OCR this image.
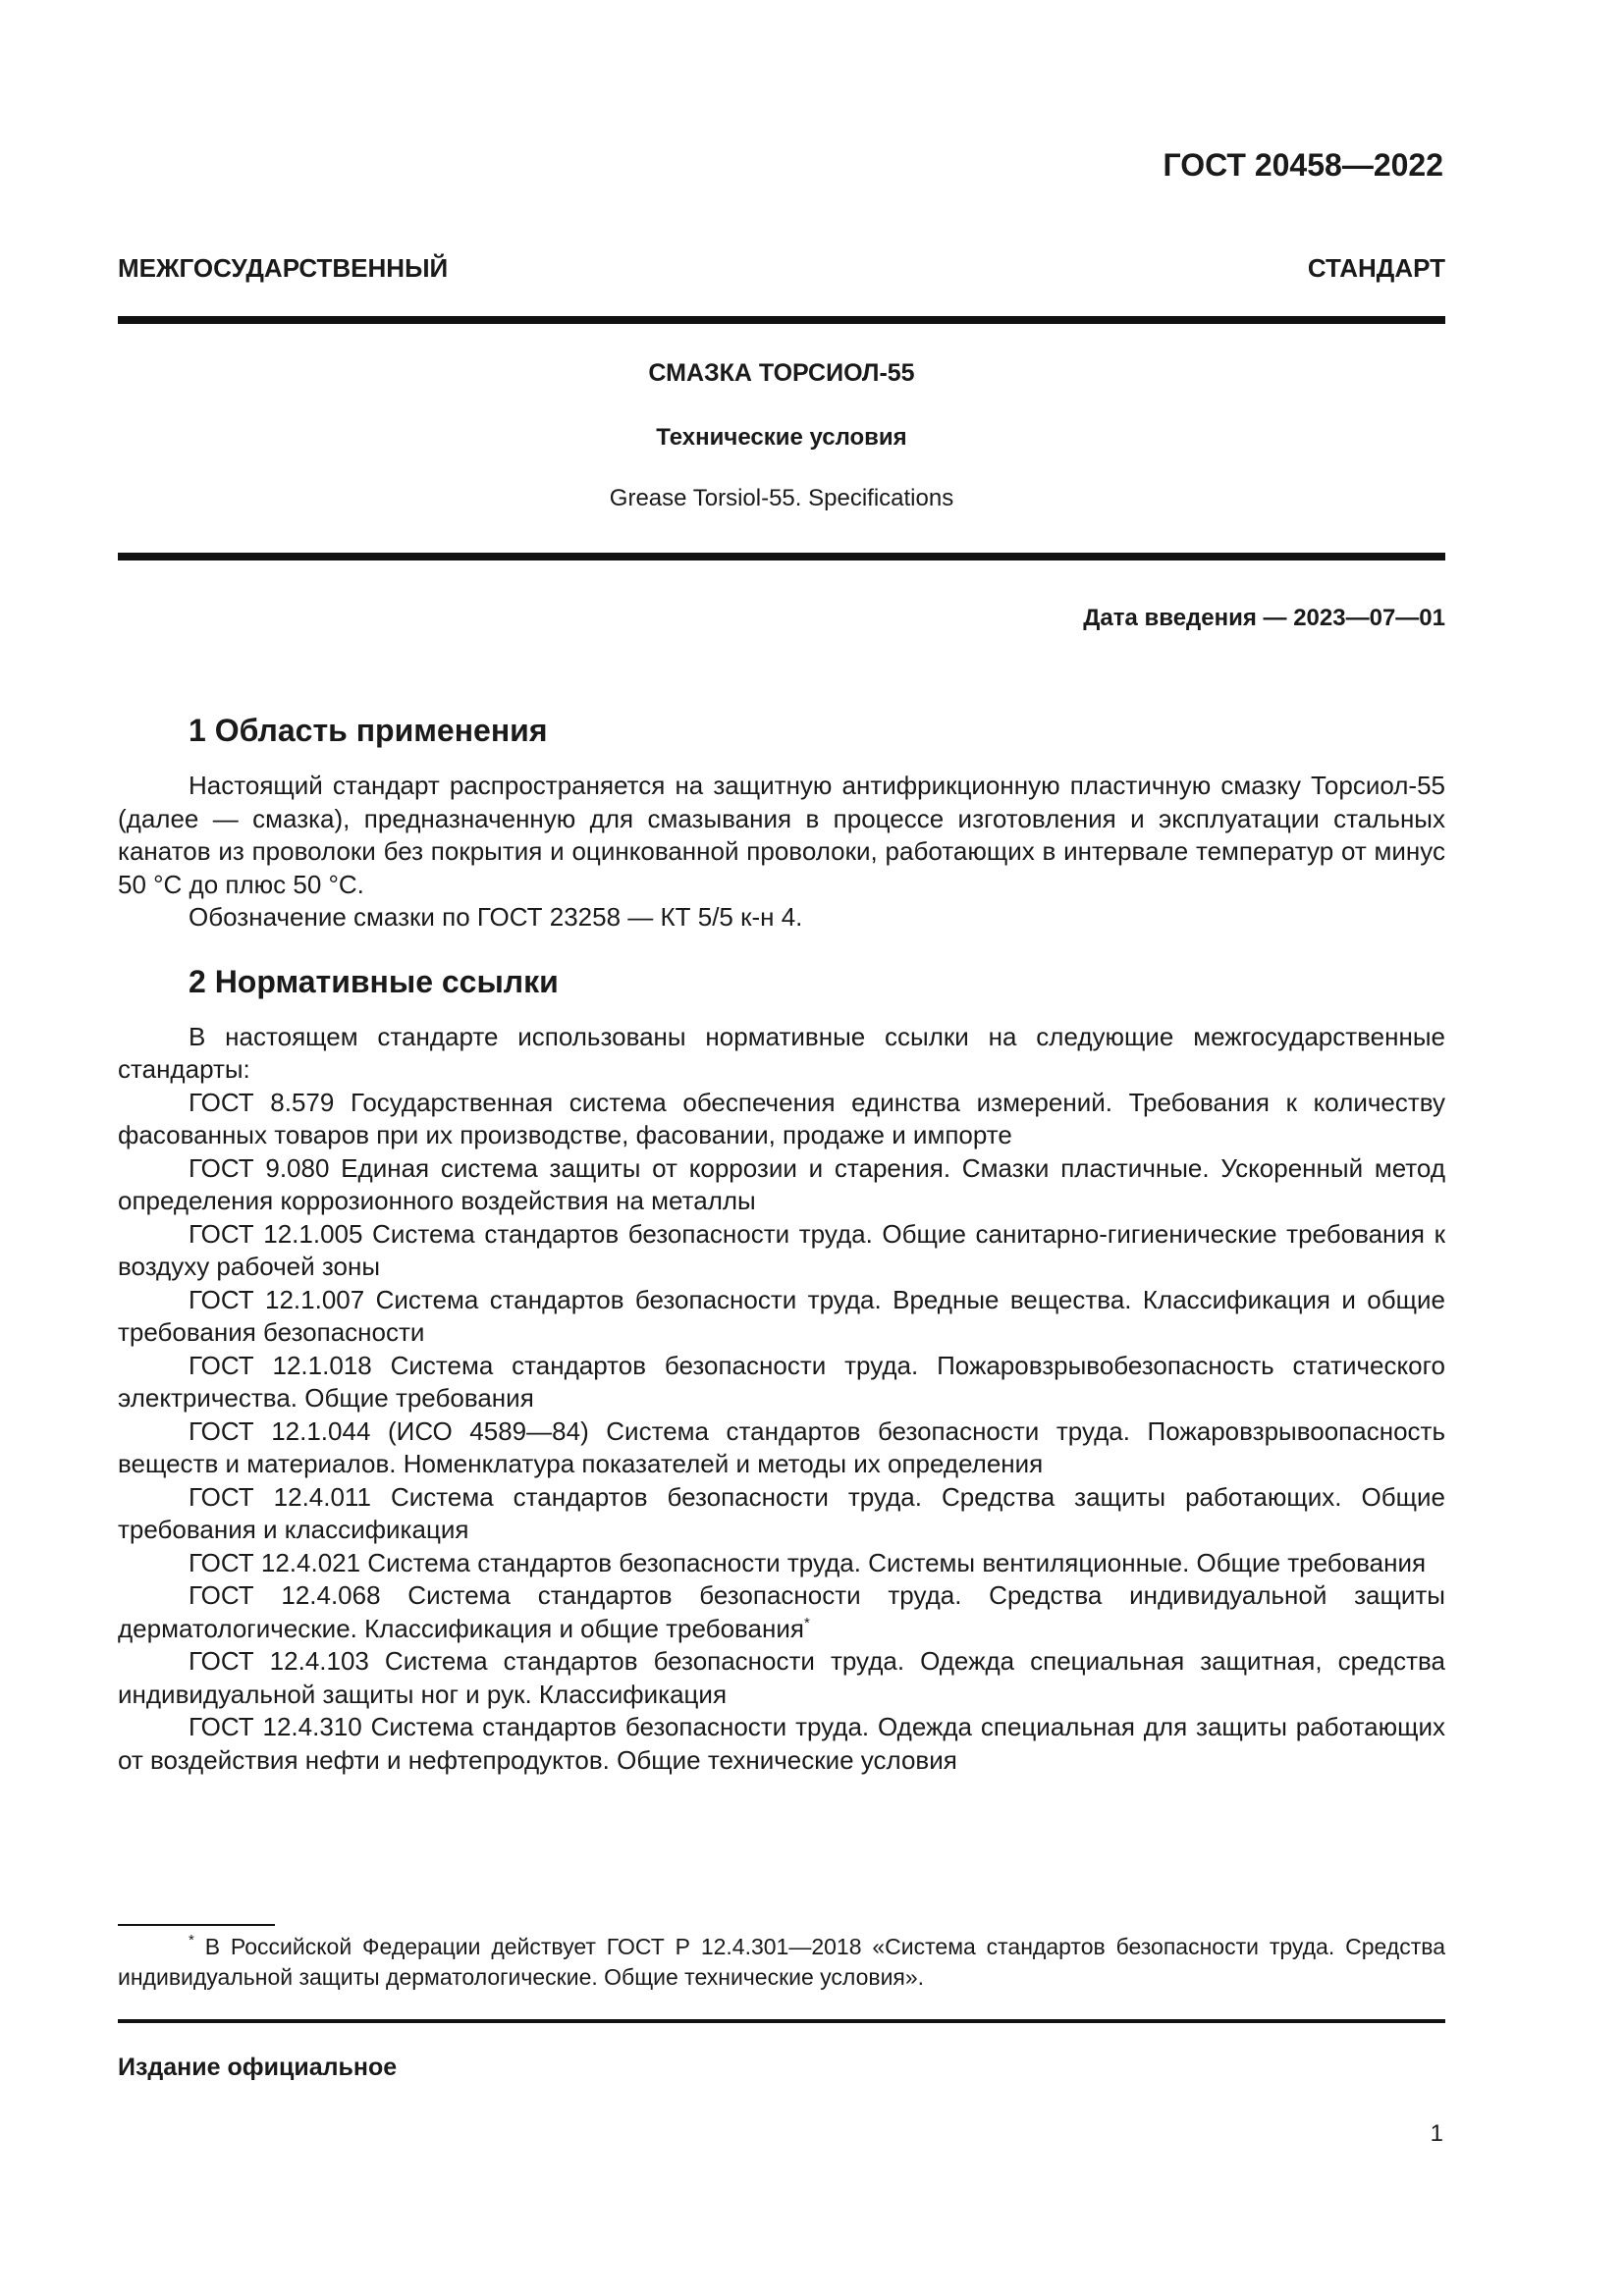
ГОСТ 20458—2022
МЕЖГОСУДАРСТВЕННЫЙ СТАНДАРТ
СМАЗКА ТОРСИОЛ-55
Технические условия
Grease Torsiol-55. Specifications
Дата введения — 2023—07—01
1 Область применения

Настоящий стандарт распространяется на защитную антифрикционную пластичную смазку Торсиол-55 (далее — смазка), предназначенную для смазывания в процессе изготовления и эксплуатации стальных канатов из проволоки без покрытия и оцинкованной проволоки, работающих в интервале температур от минус 50 °С до плюс 50 °С.

Обозначение смазки по ГОСТ 23258 — КТ 5/5 к-н 4.

2 Нормативные ссылки

В настоящем стандарте использованы нормативные ссылки на следующие межгосударственные стандарты:

ГОСТ 8.579 Государственная система обеспечения единства измерений. Требования к количеству фасованных товаров при их производстве, фасовании, продаже и импорте

ГОСТ 9.080 Единая система защиты от коррозии и старения. Смазки пластичные. Ускоренный метод определения коррозионного воздействия на металлы

ГОСТ 12.1.005 Система стандартов безопасности труда. Общие санитарно-гигиенические требования к воздуху рабочей зоны

ГОСТ 12.1.007 Система стандартов безопасности труда. Вредные вещества. Классификация и общие требования безопасности

ГОСТ 12.1.018 Система стандартов безопасности труда. Пожаровзрывобезопасность статического электричества. Общие требования

ГОСТ 12.1.044 (ИСО 4589—84) Система стандартов безопасности труда. Пожаровзрывоопасность веществ и материалов. Номенклатура показателей и методы их определения

ГОСТ 12.4.011 Система стандартов безопасности труда. Средства защиты работающих. Общие требования и классификация

ГОСТ 12.4.021 Система стандартов безопасности труда. Системы вентиляционные. Общие требования

ГОСТ 12.4.068 Система стандартов безопасности труда. Средства индивидуальной защиты дерматологические. Классификация и общие требования*

ГОСТ 12.4.103 Система стандартов безопасности труда. Одежда специальная защитная, средства индивидуальной защиты ног и рук. Классификация

ГОСТ 12.4.310 Система стандартов безопасности труда. Одежда специальная для защиты работающих от воздействия нефти и нефтепродуктов. Общие технические условия

* В Российской Федерации действует ГОСТ Р 12.4.301—2018 «Система стандартов безопасности труда. Средства индивидуальной защиты дерматологические. Общие технические условия».

Издание официальное
1
